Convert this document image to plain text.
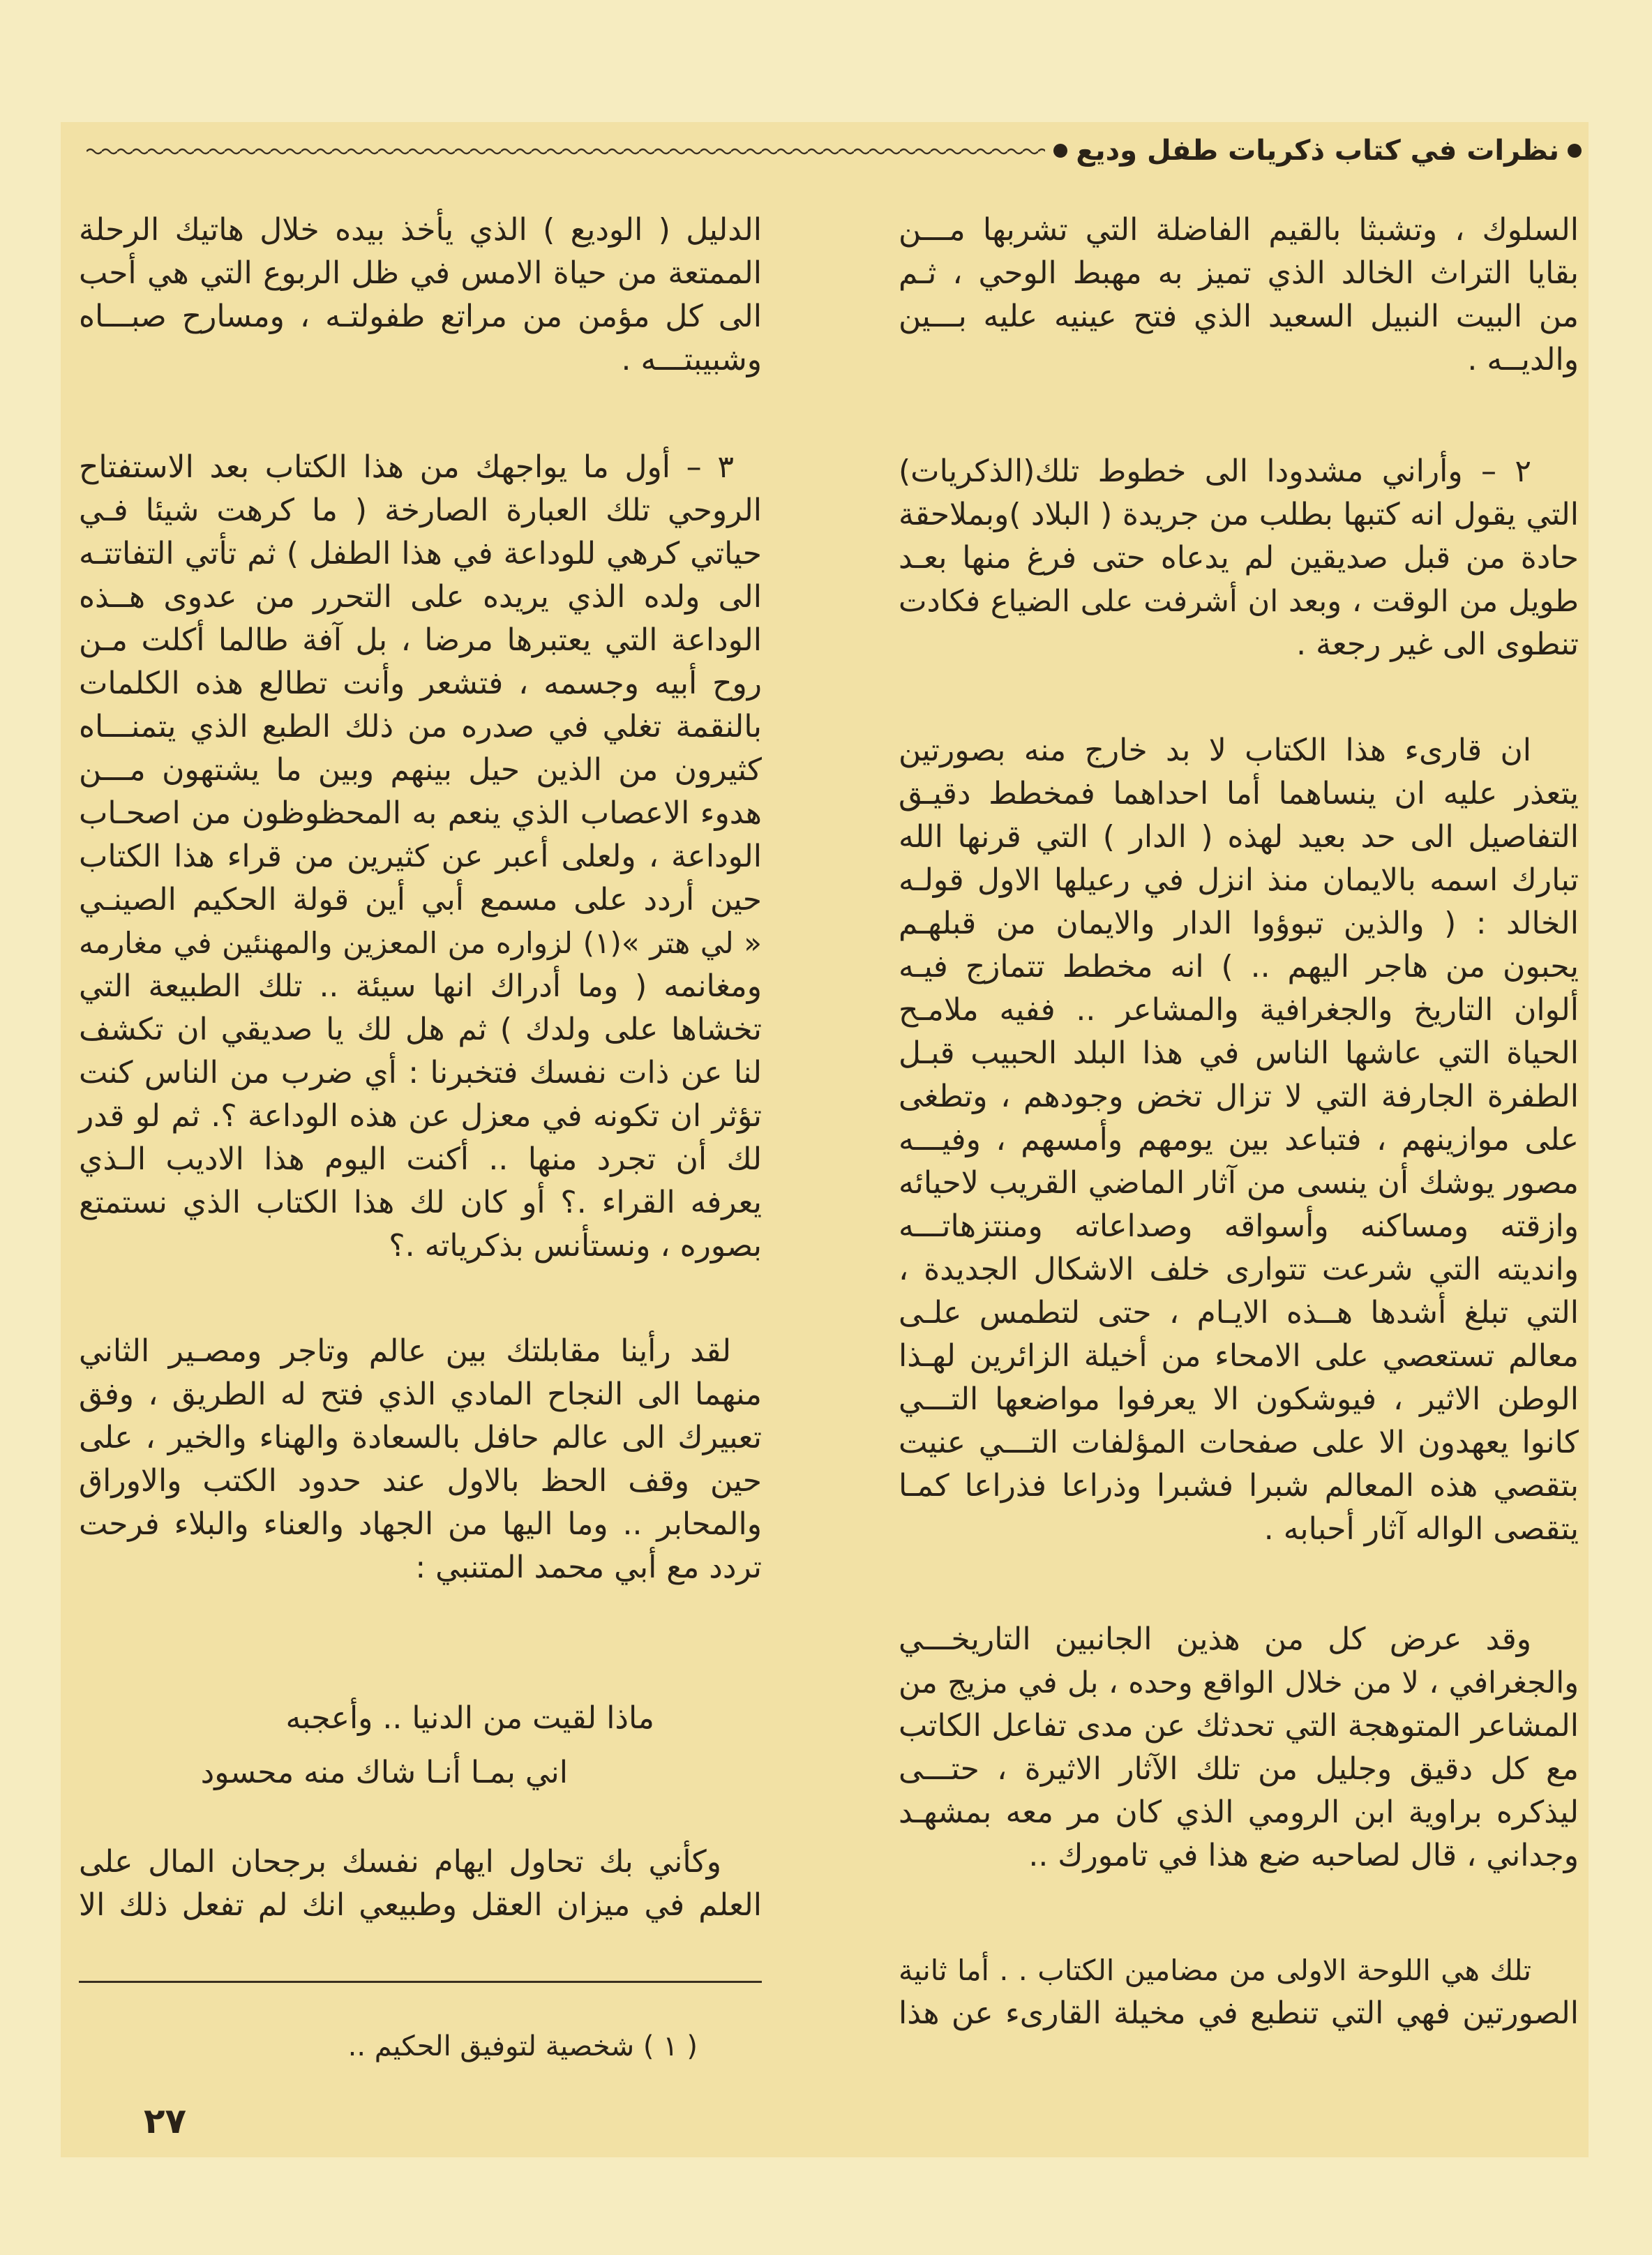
نظرات في كتاب ذكريات طفل وديع
السلوك ، وتشبثا بالقيم الفاضلة التي تشربها مـــن
بقايا التراث الخالد الذي تميز به مهبط الوحي ، ثـم
من البيت النبيل السعيد الذي فتح عينيه عليه بـــين
والديــه .
٢ – وأراني مشدودا الى خطوط تلك(الذكريات)
التي يقول انه كتبها بطلب من جريدة ( البلاد )وبملاحقة
حادة من قبل صديقين لم يدعاه حتى فرغ منها بعـد
طويل من الوقت ، وبعد ان أشرفت على الضياع فكادت
تنطوى الى غير رجعة .
ان قارىء هذا الكتاب لا بد خارج منه بصورتين
يتعذر عليه ان ينساهما أما احداهما فمخطط دقيـق
التفاصيل الى حد بعيد لهذه ( الدار ) التي قرنها الله
تبارك اسمه بالايمان منذ انزل في رعيلها الاول قولـه
الخالد : ( والذين تبوؤوا الدار والايمان من قبلهـم
يحبون من هاجر اليهم .. ) انه مخطط تتمازج فيـه
ألوان التاريخ والجغرافية والمشاعر .. ففيه ملامـح
الحياة التي عاشها الناس في هذا البلد الحبيب قبـل
الطفرة الجارفة التي لا تزال تخض وجودهم ، وتطغى
على موازينهم ، فتباعد بين يومهم وأمسهم ، وفيـــه
مصور يوشك أن ينسى من آثار الماضي القريب لاحيائه
وازقته ومساكنه وأسواقه وصداعاته ومنتزهاتـــه
وانديته التي شرعت تتوارى خلف الاشكال الجديدة ،
التي تبلغ أشدها هــذه الايـام ، حتى لتطمس علـى
معالم تستعصي على الامحاء من أخيلة الزائرين لهـذا
الوطن الاثير ، فيوشكون الا يعرفوا مواضعها التـــي
كانوا يعهدون الا على صفحات المؤلفات التـــي عنيت
بتقصي هذه المعالم شبرا فشبرا وذراعا فذراعا كمـا
يتقصى الواله آثار أحبابه .
وقد عرض كل من هذين الجانبين التاريخـــي
والجغرافي ، لا من خلال الواقع وحده ، بل في مزيج من
المشاعر المتوهجة التي تحدثك عن مدى تفاعل الكاتب
مع كل دقيق وجليل من تلك الآثار الاثيرة ، حتـــى
ليذكره براوية ابن الرومي الذي كان مر معه بمشهـد
وجداني ، قال لصاحبه ضع هذا في تامورك ..
تلك هي اللوحة الاولى من مضامين الكتاب . . أما ثانية
الصورتين فهي التي تنطبع في مخيلة القارىء عن هذا
الدليل ( الوديع ) الذي يأخذ بيده خلال هاتيك الرحلة
الممتعة من حياة الامس في ظل الربوع التي هي أحب
الى كل مؤمن من مراتع طفولتـه ، ومسارح صبـــاه
وشبيبتـــه .
٣ – أول ما يواجهك من هذا الكتاب بعد الاستفتاح
الروحي تلك العبارة الصارخة ( ما كرهت شيئا فـي
حياتي كرهي للوداعة في هذا الطفل ) ثم تأتي التفاتتـه
الى ولده الذي يريده على التحرر من عدوى هــذه
الوداعة التي يعتبرها مرضا ، بل آفة طالما أكلت مـن
روح أبيه وجسمه ، فتشعر وأنت تطالع هذه الكلمات
بالنقمة تغلي في صدره من ذلك الطبع الذي يتمنـــاه
كثيرون من الذين حيل بينهم وبين ما يشتهون مـــن
هدوء الاعصاب الذي ينعم به المحظوظون من اصحـاب
الوداعة ، ولعلى أعبر عن كثيرين من قراء هذا الكتاب
حين أردد على مسمع أبي أين قولة الحكيم الصينـي
« لي هتر »(١) لزواره من المعزين والمهنئين في مغارمه
ومغانمه ( وما أدراك انها سيئة .. تلك الطبيعة التي
تخشاها على ولدك ) ثم هل لك يا صديقي ان تكشف
لنا عن ذات نفسك فتخبرنا : أي ضرب من الناس كنت
تؤثر ان تكونه في معزل عن هذه الوداعة ؟. ثم لو قدر
لك أن تجرد منها .. أكنت اليوم هذا الاديب الـذي
يعرفه القراء .؟ أو كان لك هذا الكتاب الذي نستمتع
بصوره ، ونستأنس بذكرياته .؟
لقد رأينا مقابلتك بين عالم وتاجر ومصـير الثاني
منهما الى النجاح المادي الذي فتح له الطريق ، وفق
تعبيرك الى عالم حافل بالسعادة والهناء والخير ، على
حين وقف الحظ بالاول عند حدود الكتب والاوراق
والمحابر .. وما اليها من الجهاد والعناء والبلاء فرحت
تردد مع أبي محمد المتنبي :
ماذا لقيت من الدنيا .. وأعجبه
اني بمـا أنـا شاك منه محسود
وكأني بك تحاول ايهام نفسك برجحان المال على
العلم في ميزان العقل وطبيعي انك لم تفعل ذلك الا
( ١ ) شخصية لتوفيق الحكيم ..
٢٧
